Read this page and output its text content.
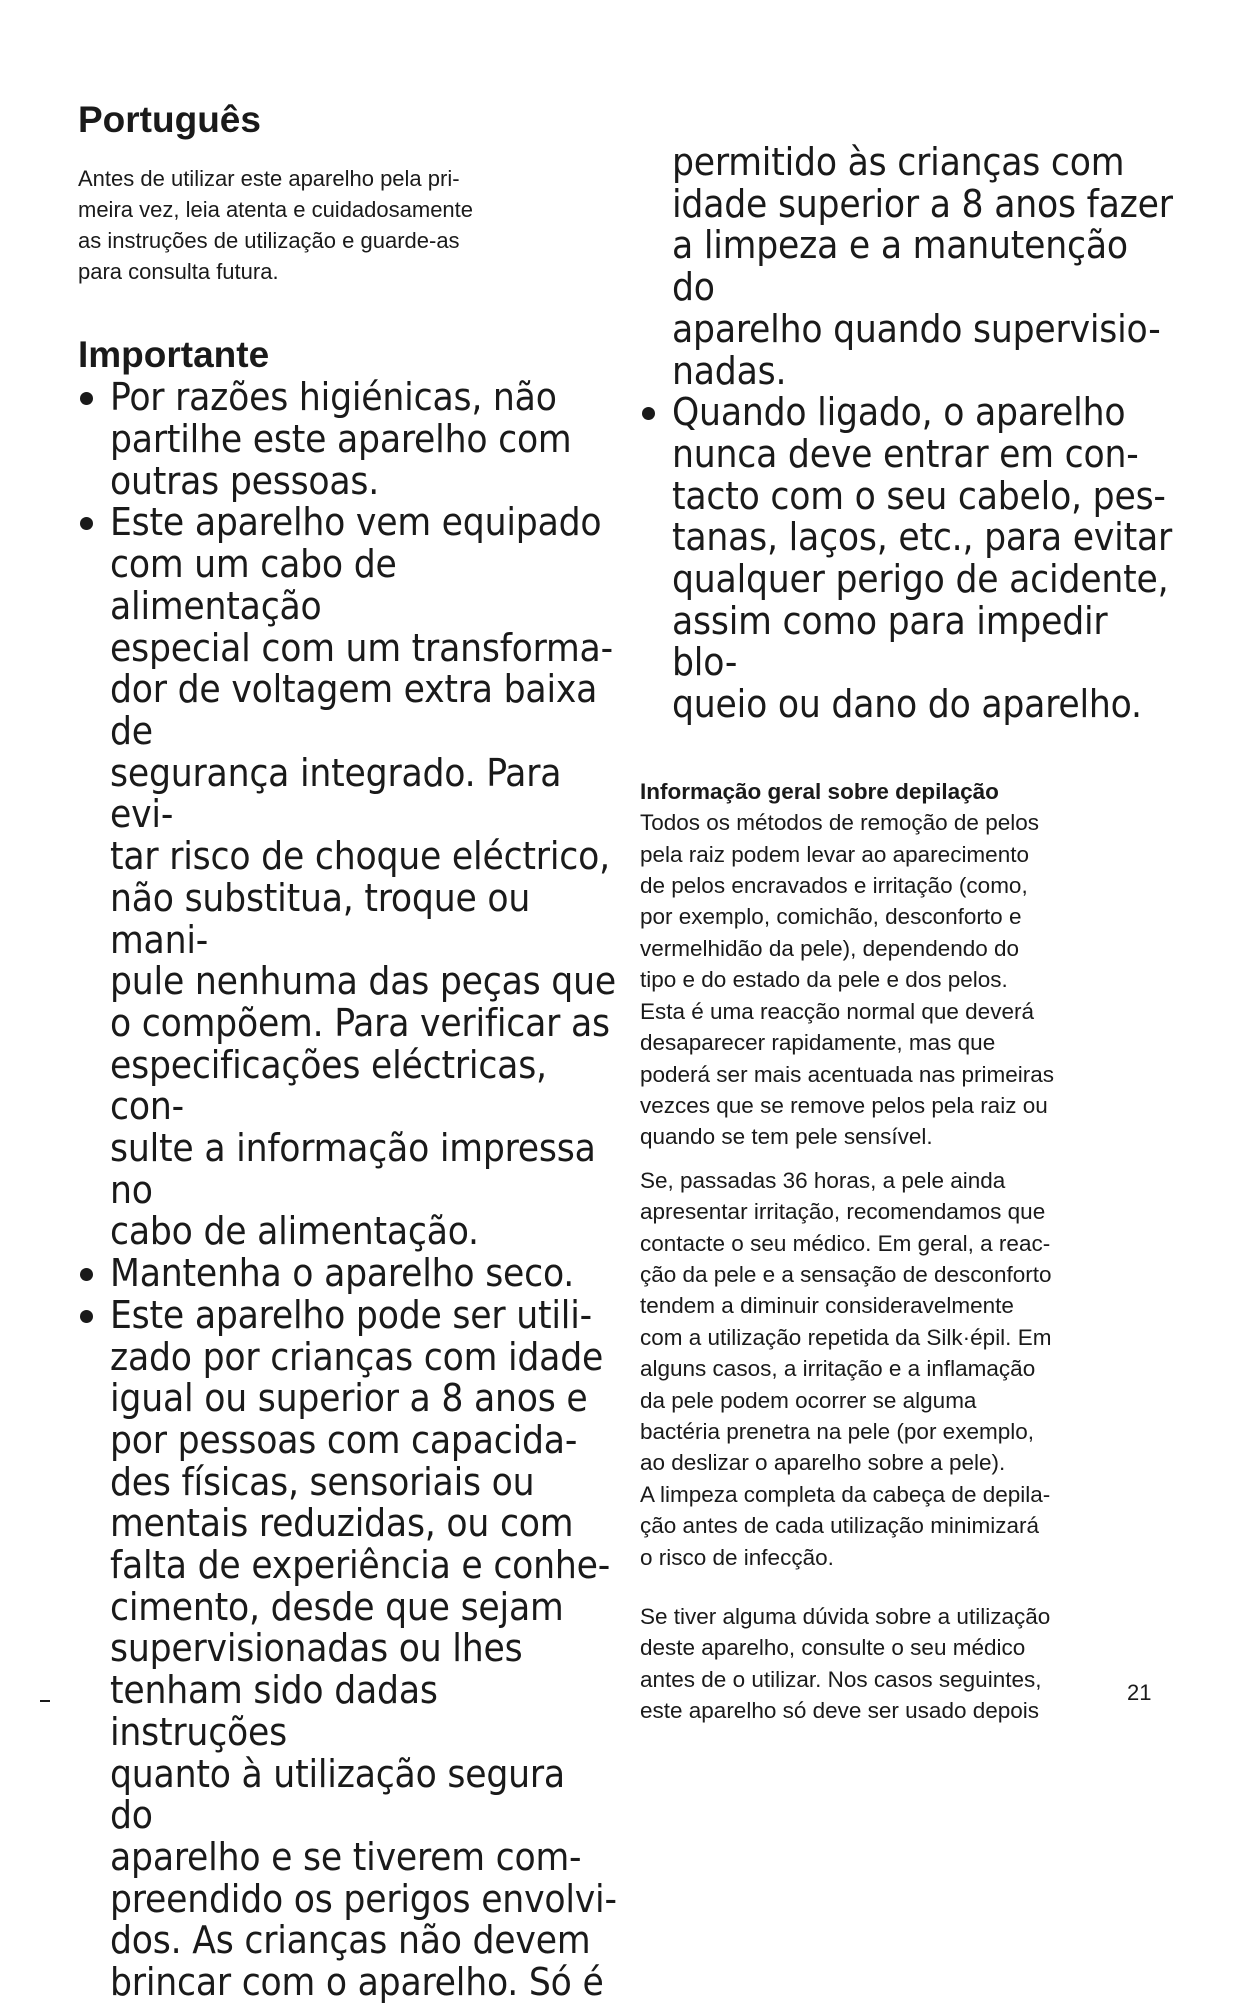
Português

Antes de utilizar este aparelho pela pri-
meira vez, leia atenta e cuidadosamente
as instruções de utilização e guarde-as
para consulta futura.

Importante
Por razões higiénicas, não
partilhe este aparelho com
outras pessoas.
Este aparelho vem equipado
com um cabo de alimentação
especial com um transforma-
dor de voltagem extra baixa de
segurança integrado. Para evi-
tar risco de choque eléctrico,
não substitua, troque ou mani-
pule nenhuma das peças que
o compõem. Para verificar as
especificações eléctricas, con-
sulte a informação impressa no
cabo de alimentação.
Mantenha o aparelho seco.
Este aparelho pode ser utili-
zado por crianças com idade
igual ou superior a 8 anos e
por pessoas com capacida-
des físicas, sensoriais ou
mentais reduzidas, ou com
falta de experiência e conhe-
cimento, desde que sejam
supervisionadas ou lhes
tenham sido dadas instruções
quanto à utilização segura do
aparelho e se tiverem com-
preendido os perigos envolvi-
dos. As crianças não devem
brincar com o aparelho. Só é
permitido às crianças com
idade superior a 8 anos fazer
a limpeza e a manutenção do
aparelho quando supervisio-
nadas.
Quando ligado, o aparelho
nunca deve entrar em con-
tacto com o seu cabelo, pes-
tanas, laços, etc., para evitar
qualquer perigo de acidente,
assim como para impedir blo-
queio ou dano do aparelho.

Informação geral sobre depilação

Todos os métodos de remoção de pelos
pela raiz podem levar ao aparecimento
de pelos encravados e irritação (como,
por exemplo, comichão, desconforto e
vermelhidão da pele), dependendo do
tipo e do estado da pele e dos pelos.
Esta é uma reacção normal que deverá
desaparecer rapidamente, mas que
poderá ser mais acentuada nas primeiras
vezces que se remove pelos pela raiz ou
quando se tem pele sensível.

Se, passadas 36 horas, a pele ainda
apresentar irritação, recomendamos que
contacte o seu médico. Em geral, a reac-
ção da pele e a sensação de desconforto
tendem a diminuir consideravelmente
com a utilização repetida da Silk·épil. Em
alguns casos, a irritação e a inflamação
da pele podem ocorrer se alguma
bactéria prenetra na pele (por exemplo,
ao deslizar o aparelho sobre a pele).
A limpeza completa da cabeça de depila-
ção antes de cada utilização minimizará
o risco de infecção.

Se tiver alguma dúvida sobre a utilização
deste aparelho, consulte o seu médico
antes de o utilizar. Nos casos seguintes,
este aparelho só deve ser usado depois

21
